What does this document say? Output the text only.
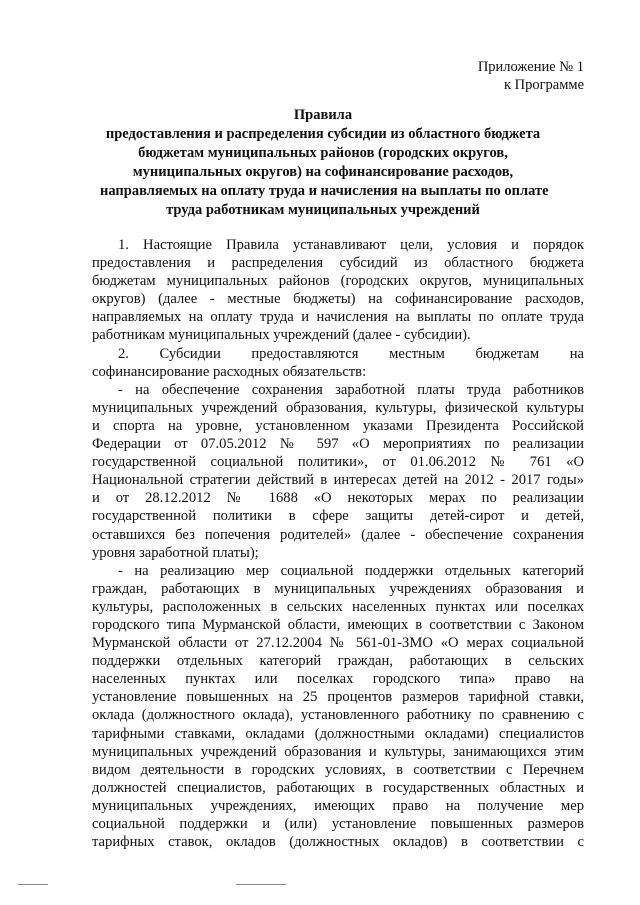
Приложение № 1
к Программе
Правила
предоставления и распределения субсидии из областного бюджета
бюджетам муниципальных районов (городских округов,
муниципальных округов) на софинансирование расходов,
направляемых на оплату труда и начисления на выплаты по оплате
труда работникам муниципальных учреждений
1. Настоящие Правила устанавливают цели, условия и порядок
предоставления и распределения субсидий из областного бюджета
бюджетам муниципальных районов (городских округов, муниципальных
округов) (далее - местные бюджеты) на софинансирование расходов,
направляемых на оплату труда и начисления на выплаты по оплате труда
работникам муниципальных учреждений (далее - субсидии).
2. Субсидии предоставляются местным бюджетам на
софинансирование расходных обязательств:
- на обеспечение сохранения заработной платы труда работников
муниципальных учреждений образования, культуры, физической культуры
и спорта на уровне, установленном указами Президента Российской
Федерации от 07.05.2012 № 597 «О мероприятиях по реализации
государственной социальной политики», от 01.06.2012 № 761 «О
Национальной стратегии действий в интересах детей на 2012 - 2017 годы»
и от 28.12.2012 № 1688 «О некоторых мерах по реализации
государственной политики в сфере защиты детей-сирот и детей,
оставшихся без попечения родителей» (далее - обеспечение сохранения
уровня заработной платы);
- на реализацию мер социальной поддержки отдельных категорий
граждан, работающих в муниципальных учреждениях образования и
культуры, расположенных в сельских населенных пунктах или поселках
городского типа Мурманской области, имеющих в соответствии с Законом
Мурманской области от 27.12.2004 № 561-01-ЗМО «О мерах социальной
поддержки отдельных категорий граждан, работающих в сельских
населенных пунктах или поселках городского типа» право на
установление повышенных на 25 процентов размеров тарифной ставки,
оклада (должностного оклада), установленного работнику по сравнению с
тарифными ставками, окладами (должностными окладами) специалистов
муниципальных учреждений образования и культуры, занимающихся этим
видом деятельности в городских условиях, в соответствии с Перечнем
должностей специалистов, работающих в государственных областных и
муниципальных учреждениях, имеющих право на получение мер
социальной поддержки и (или) установление повышенных размеров
тарифных ставок, окладов (должностных окладов) в соответствии с
